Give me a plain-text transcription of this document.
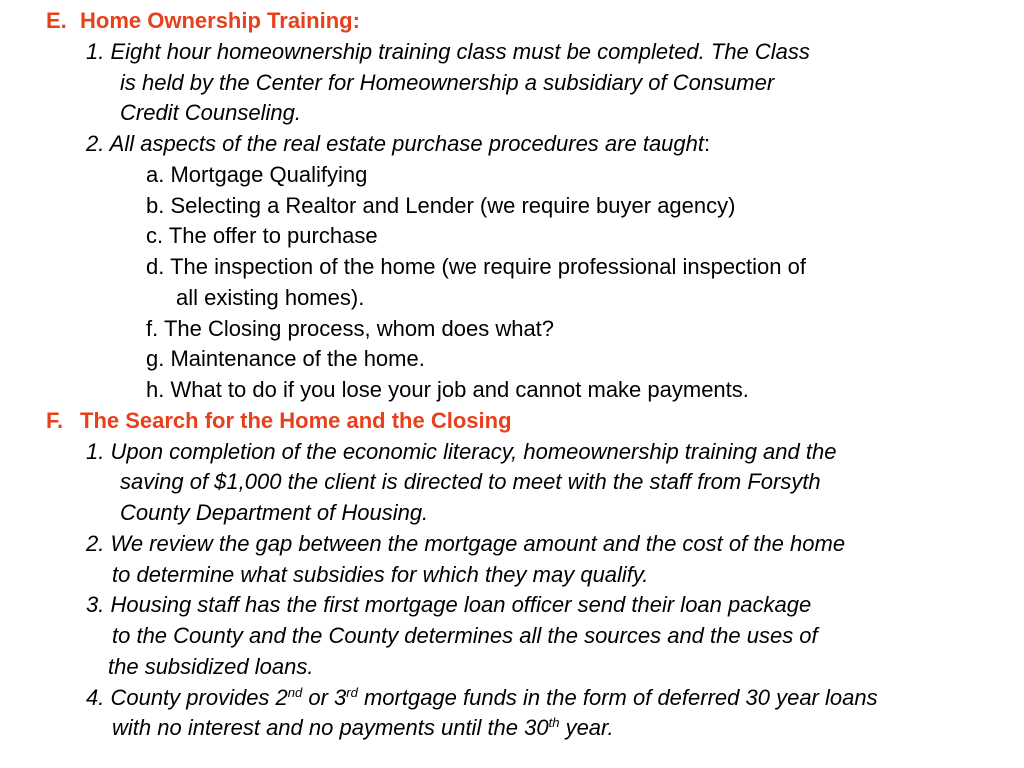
E. Home Ownership Training:
1. Eight hour homeownership training class must be completed. The Class
is held by the Center for Homeownership a subsidiary of Consumer
Credit Counseling.
2. All aspects of the real estate purchase procedures are taught:
a. Mortgage Qualifying
b. Selecting a Realtor and Lender (we require buyer agency)
c. The offer to purchase
d. The inspection of the home (we require professional inspection of
all existing homes).
f. The Closing process, whom does what?
g. Maintenance of the home.
h. What to do if you lose your job and cannot make payments.
F. The Search for the Home and the Closing
1. Upon completion of the economic literacy, homeownership training and the
saving of $1,000 the client is directed to meet with the staff from Forsyth
County Department of Housing.
2. We review the gap between the mortgage amount and the cost of the home
to determine what subsidies for which they may qualify.
3. Housing staff has the first mortgage loan officer send their loan package
to the County and the County determines all the sources and the uses of
the subsidized loans.
4. County provides 2nd or 3rd mortgage funds in the form of deferred 30 year loans
with no interest and no payments until the 30th year.
